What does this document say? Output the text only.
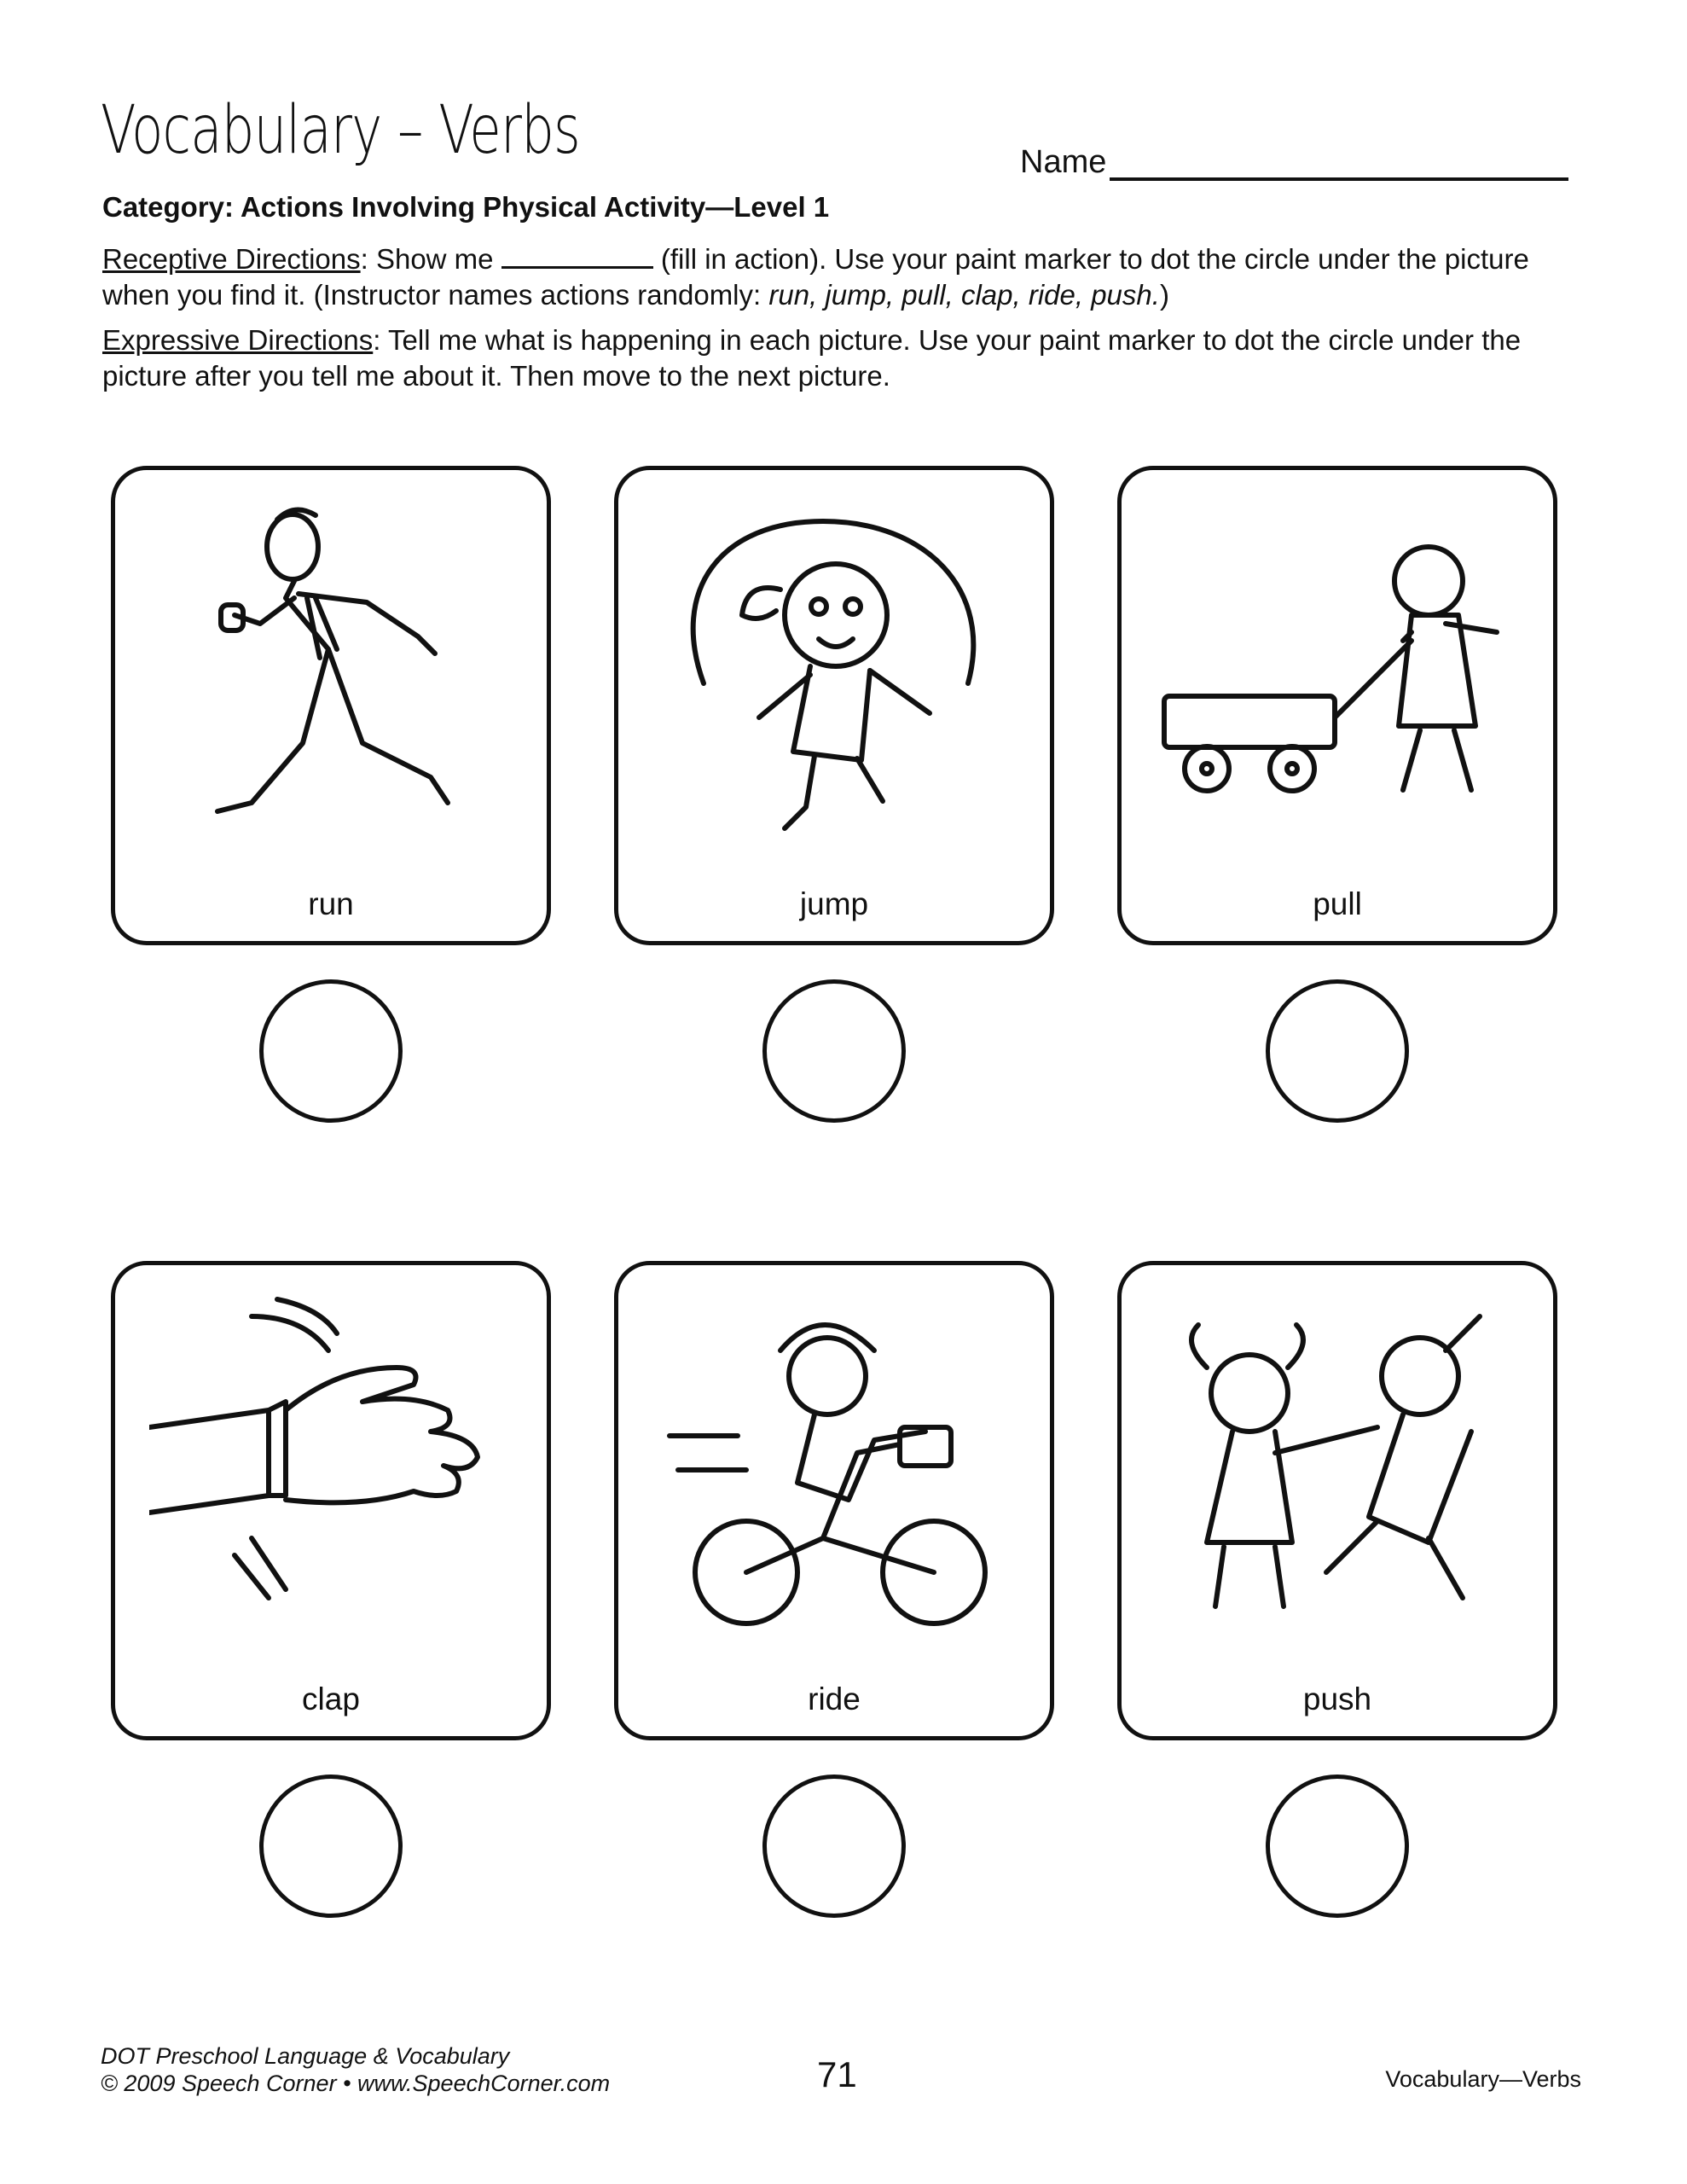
Vocabulary – Verbs	Name
Category: Actions Involving Physical Activity—Level 1
Receptive Directions: Show me	(fill in action). Use your paint marker to dot the circle under the picture when you find it. (Instructor names actions randomly: run, jump, pull, clap, ride, push.)
Expressive Directions: Tell me what is happening in each picture. Use your paint marker to dot the circle under the picture after you tell me about it. Then move to the next picture.
run	jump	pull
clap	ride	push
DOT Preschool Language & Vocabulary
© 2009 Speech Corner • www.SpeechCorner.com	71	Vocabulary—Verbs
